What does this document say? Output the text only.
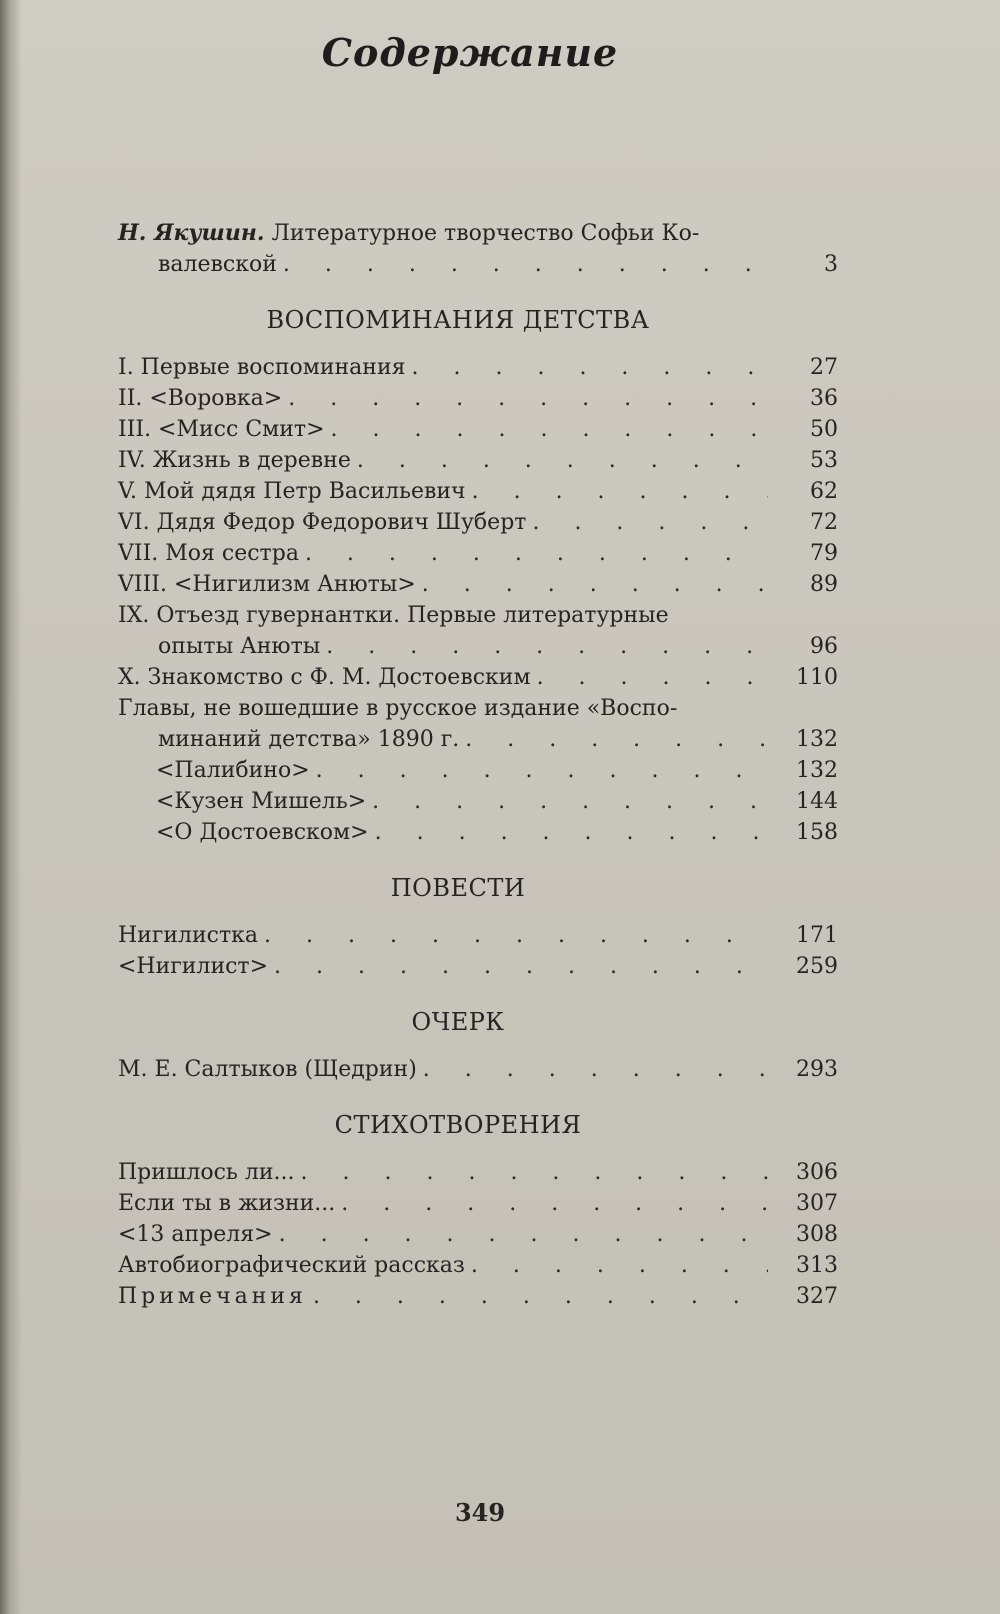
Содержание
Н. Якушин. Литературное творчество Софьи Ко-
валевской . . .	3
ВОСПОМИНАНИЯ ДЕТСТВА
I. Первые воспоминания . . .	27
II. <Воровка> . . .	36
III. <Мисс Смит> . . .	50
IV. Жизнь в деревне . . .	53
V. Мой дядя Петр Васильевич . . .	62
VI. Дядя Федор Федорович Шуберт . . .	72
VII. Моя сестра . . .	79
VIII. <Нигилизм Анюты> . . .	89
IX. Отъезд гувернантки. Первые литературные
опыты Анюты . . .	96
X. Знакомство с Ф. М. Достоевским . . .	110
Главы, не вошедшие в русское издание «Воспо-
минаний детства» 1890 г. . . .	132
<Палибино> . . .	132
<Кузен Мишель> . . .	144
<О Достоевском> . . .	158
ПОВЕСТИ
Нигилистка . . .	171
<Нигилист> . . .	259
ОЧЕРК
М. Е. Салтыков (Щедрин) . . .	293
СТИХОТВОРЕНИЯ
Пришлось ли... . . .	306
Если ты в жизни... . . .	307
<13 апреля> . . .	308
Автобиографический рассказ . . .	313
Примечания . . .	327
349
